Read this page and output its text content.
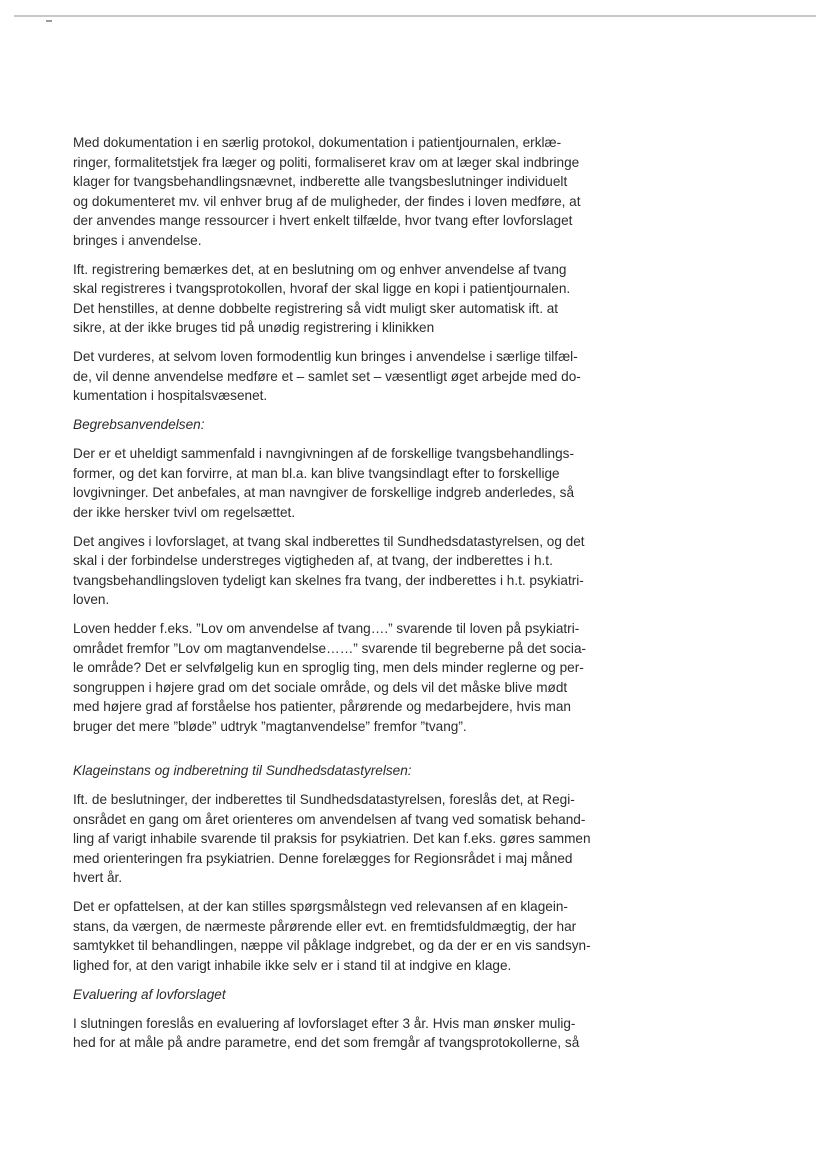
Med dokumentation i en særlig protokol, dokumentation i patientjournalen, erklæ-
ringer, formalitetstjek fra læger og politi, formaliseret krav om at læger skal indbringe
klager for tvangsbehandlingsnævnet, indberette alle tvangsbeslutninger individuelt
og dokumenteret mv. vil enhver brug af de muligheder, der findes i loven medføre, at
der anvendes mange ressourcer i hvert enkelt tilfælde, hvor tvang efter lovforslaget
bringes i anvendelse.
Ift. registrering bemærkes det, at en beslutning om og enhver anvendelse af tvang
skal registreres i tvangsprotokollen, hvoraf der skal ligge en kopi i patientjournalen.
Det henstilles, at denne dobbelte registrering så vidt muligt sker automatisk ift. at
sikre, at der ikke bruges tid på unødig registrering i klinikken
Det vurderes, at selvom loven formodentlig kun bringes i anvendelse i særlige tilfæl-
de, vil denne anvendelse medføre et – samlet set – væsentligt øget arbejde med do-
kumentation i hospitalsvæsenet.
Begrebsanvendelsen:
Der er et uheldigt sammenfald i navngivningen af de forskellige tvangsbehandlings-
former, og det kan forvirre, at man bl.a. kan blive tvangsindlagt efter to forskellige
lovgivninger. Det anbefales, at man navngiver de forskellige indgreb anderledes, så
der ikke hersker tvivl om regelsættet.
Det angives i lovforslaget, at tvang skal indberettes til Sundhedsdatastyrelsen, og det
skal i der forbindelse understreges vigtigheden af, at tvang, der indberettes i h.t.
tvangsbehandlingsloven tydeligt kan skelnes fra tvang, der indberettes i h.t. psykiatri-
loven.
Loven hedder f.eks. ”Lov om anvendelse af tvang….” svarende til loven på psykiatri-
området fremfor ”Lov om magtanvendelse……” svarende til begreberne på det socia-
le område? Det er selvfølgelig kun en sproglig ting, men dels minder reglerne og per-
songruppen i højere grad om det sociale område, og dels vil det måske blive mødt
med højere grad af forståelse hos patienter, pårørende og medarbejdere, hvis man
bruger det mere ”bløde” udtryk ”magtanvendelse” fremfor ”tvang”.
Klageinstans og indberetning til Sundhedsdatastyrelsen:
Ift. de beslutninger, der indberettes til Sundhedsdatastyrelsen, foreslås det, at Regi-
onsrådet en gang om året orienteres om anvendelsen af tvang ved somatisk behand-
ling af varigt inhabile svarende til praksis for psykiatrien. Det kan f.eks. gøres sammen
med orienteringen fra psykiatrien. Denne forelægges for Regionsrådet i maj måned
hvert år.
Det er opfattelsen, at der kan stilles spørgsmålstegn ved relevansen af en klagein-
stans, da værgen, de nærmeste pårørende eller evt. en fremtidsfuldmægtig, der har
samtykket til behandlingen, næppe vil påklage indgrebet, og da der er en vis sandsyn-
lighed for, at den varigt inhabile ikke selv er i stand til at indgive en klage.
Evaluering af lovforslaget
I slutningen foreslås en evaluering af lovforslaget efter 3 år. Hvis man ønsker mulig-
hed for at måle på andre parametre, end det som fremgår af tvangsprotokollerne, så
